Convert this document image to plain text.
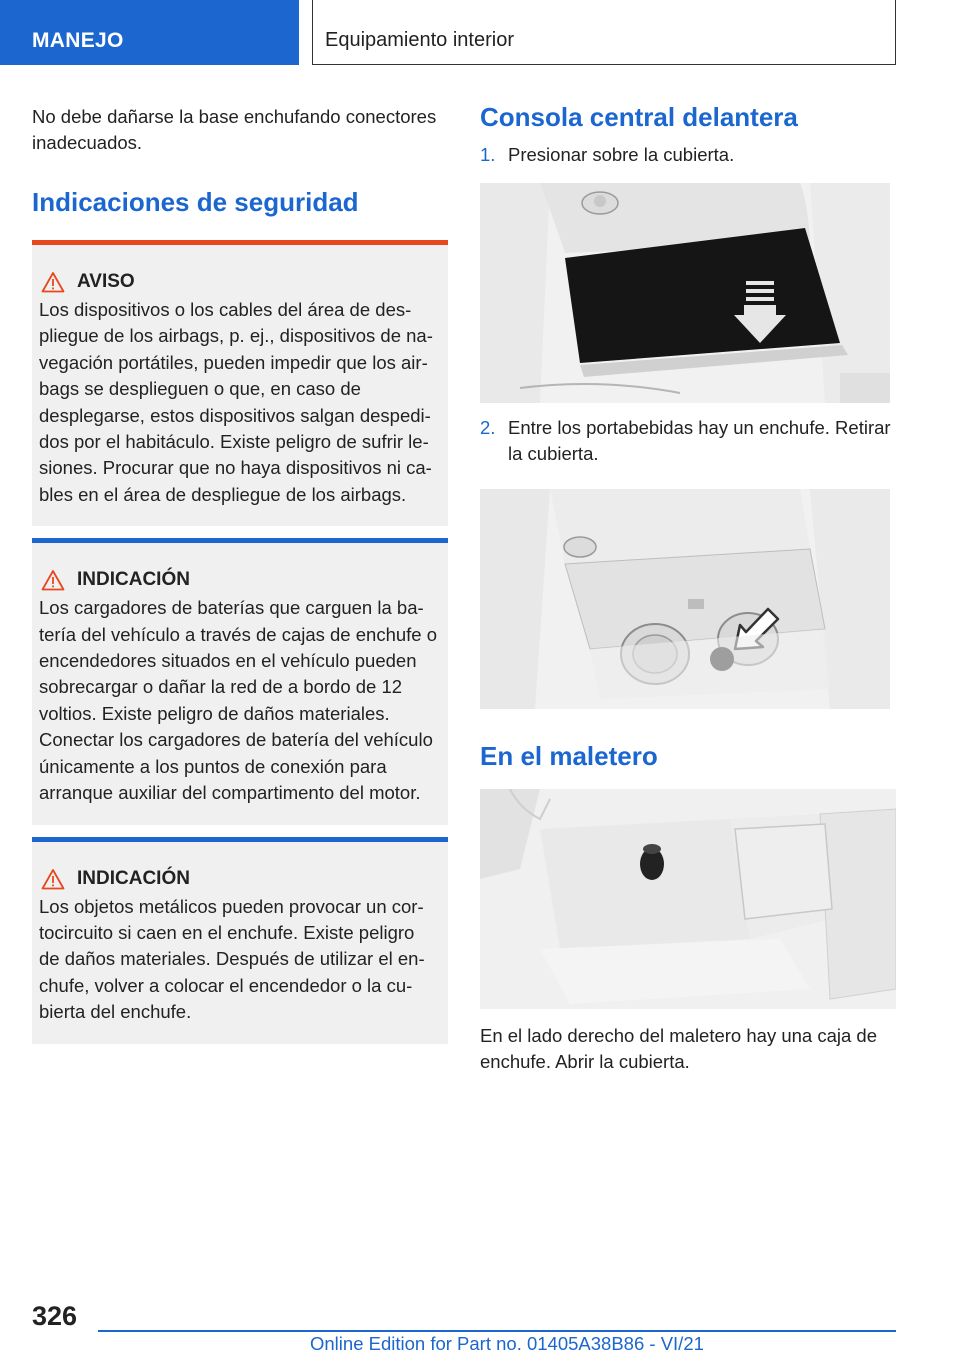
MANEJO	Equipamiento interior

No debe dañarse la base enchufando conectores inadecuados.

Indicaciones de seguridad
AVISO

Los dispositivos o los cables del área de despliegue de los airbags, p. ej., dispositivos de navegación portátiles, pueden impedir que los airbags se desplieguen o que, en caso de desplegarse, estos dispositivos salgan despedidos por el habitáculo. Existe peligro de sufrir lesiones. Procurar que no haya dispositivos ni cables en el área de despliegue de los airbags.

INDICACIÓN

Los cargadores de baterías que carguen la batería del vehículo a través de cajas de enchufe o encendedores situados en el vehículo pueden sobrecargar o dañar la red de a bordo de 12 voltios. Existe peligro de daños materiales. Conectar los cargadores de batería del vehículo únicamente a los puntos de conexión para arranque auxiliar del compartimento del motor.

INDICACIÓN

Los objetos metálicos pueden provocar un cortocircuito si caen en el enchufe. Existe peligro de daños materiales. Después de utilizar el enchufe, volver a colocar el encendedor o la cubierta del enchufe.

Consola central delantera
1. Presionar sobre la cubierta.
2. Entre los portabebidas hay un enchufe. Retirar la cubierta.
En el maletero

En el lado derecho del maletero hay una caja de enchufe. Abrir la cubierta.

326
Online Edition for Part no. 01405A38B86 - VI/21
